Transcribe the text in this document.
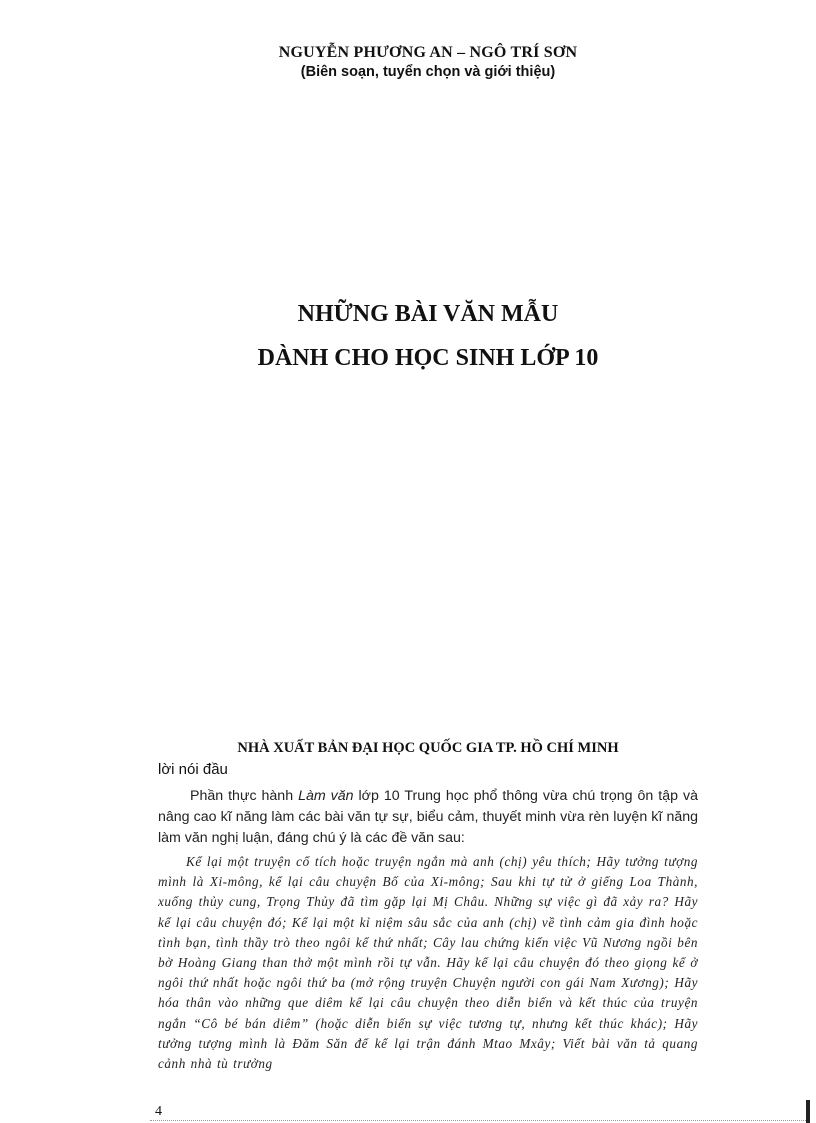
NGUYỄN PHƯƠNG AN – NGÔ TRÍ SƠN
(Biên soạn, tuyển chọn và giới thiệu)
NHỮNG BÀI VĂN MẪU
DÀNH CHO HỌC SINH LỚP 10
NHÀ XUẤT BẢN ĐẠI HỌC QUỐC GIA TP. HỒ CHÍ MINH
lời nói đầu
Phần thực hành Làm văn lớp 10 Trung học phổ thông vừa chú trọng ôn tập và nâng cao kĩ năng làm các bài văn tự sự, biểu cảm, thuyết minh vừa rèn luyện kĩ năng làm văn nghị luận, đáng chú ý là các đề văn sau:
Kể lại một truyện cổ tích hoặc truyện ngắn mà anh (chị) yêu thích; Hãy tưởng tượng mình là Xi-mông, kể lại câu chuyện Bố của Xi-mông; Sau khi tự tử ở giếng Loa Thành, xuống thủy cung, Trọng Thủy đã tìm gặp lại Mị Châu. Những sự việc gì đã xảy ra? Hãy kể lại câu chuyện đó; Kể lại một kỉ niệm sâu sắc của anh (chị) về tình cảm gia đình hoặc tình bạn, tình thầy trò theo ngôi kể thứ nhất; Cây lau chứng kiến việc Vũ Nương ngồi bên bờ Hoàng Giang than thở một mình rồi tự vẫn. Hãy kể lại câu chuyện đó theo giọng kể ở ngôi thứ nhất hoặc ngôi thứ ba (mở rộng truyện Chuyện người con gái Nam Xương); Hãy hóa thân vào những que diêm kể lại câu chuyện theo diễn biến và kết thúc của truyện ngắn “Cô bé bán diêm” (hoặc diễn biến sự việc tương tự, nhưng kết thúc khác); Hãy tưởng tượng mình là Đăm Săn để kể lại trận đánh Mtao Mxây; Viết bài văn tả quang cảnh nhà tù trưởng
4
